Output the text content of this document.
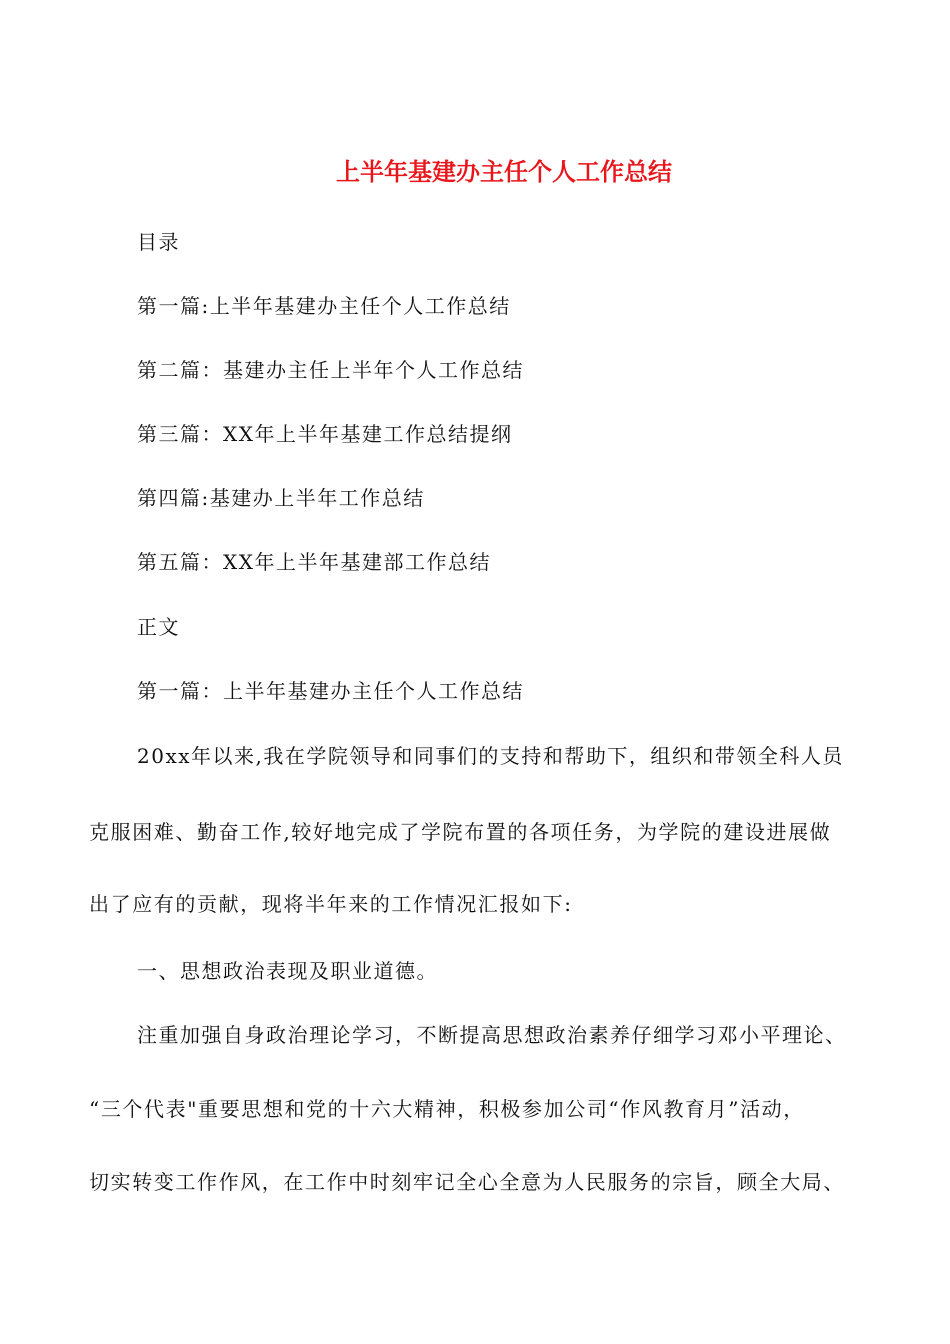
上半年基建办主任个人工作总结
目录
第一篇:上半年基建办主任个人工作总结
第二篇：基建办主任上半年个人工作总结
第三篇：XX年上半年基建工作总结提纲
第四篇:基建办上半年工作总结
第五篇：XX年上半年基建部工作总结
正文
第一篇：上半年基建办主任个人工作总结
20xx年以来,我在学院领导和同事们的支持和帮助下，组织和带领全科人员
克服困难、勤奋工作,较好地完成了学院布置的各项任务，为学院的建设进展做
出了应有的贡献，现将半年来的工作情况汇报如下:
一、思想政治表现及职业道德。
注重加强自身政治理论学习，不断提高思想政治素养仔细学习邓小平理论、
“三个代表"重要思想和党的十六大精神，积极参加公司“作风教育月”活动，
切实转变工作作风，在工作中时刻牢记全心全意为人民服务的宗旨，顾全大局、
